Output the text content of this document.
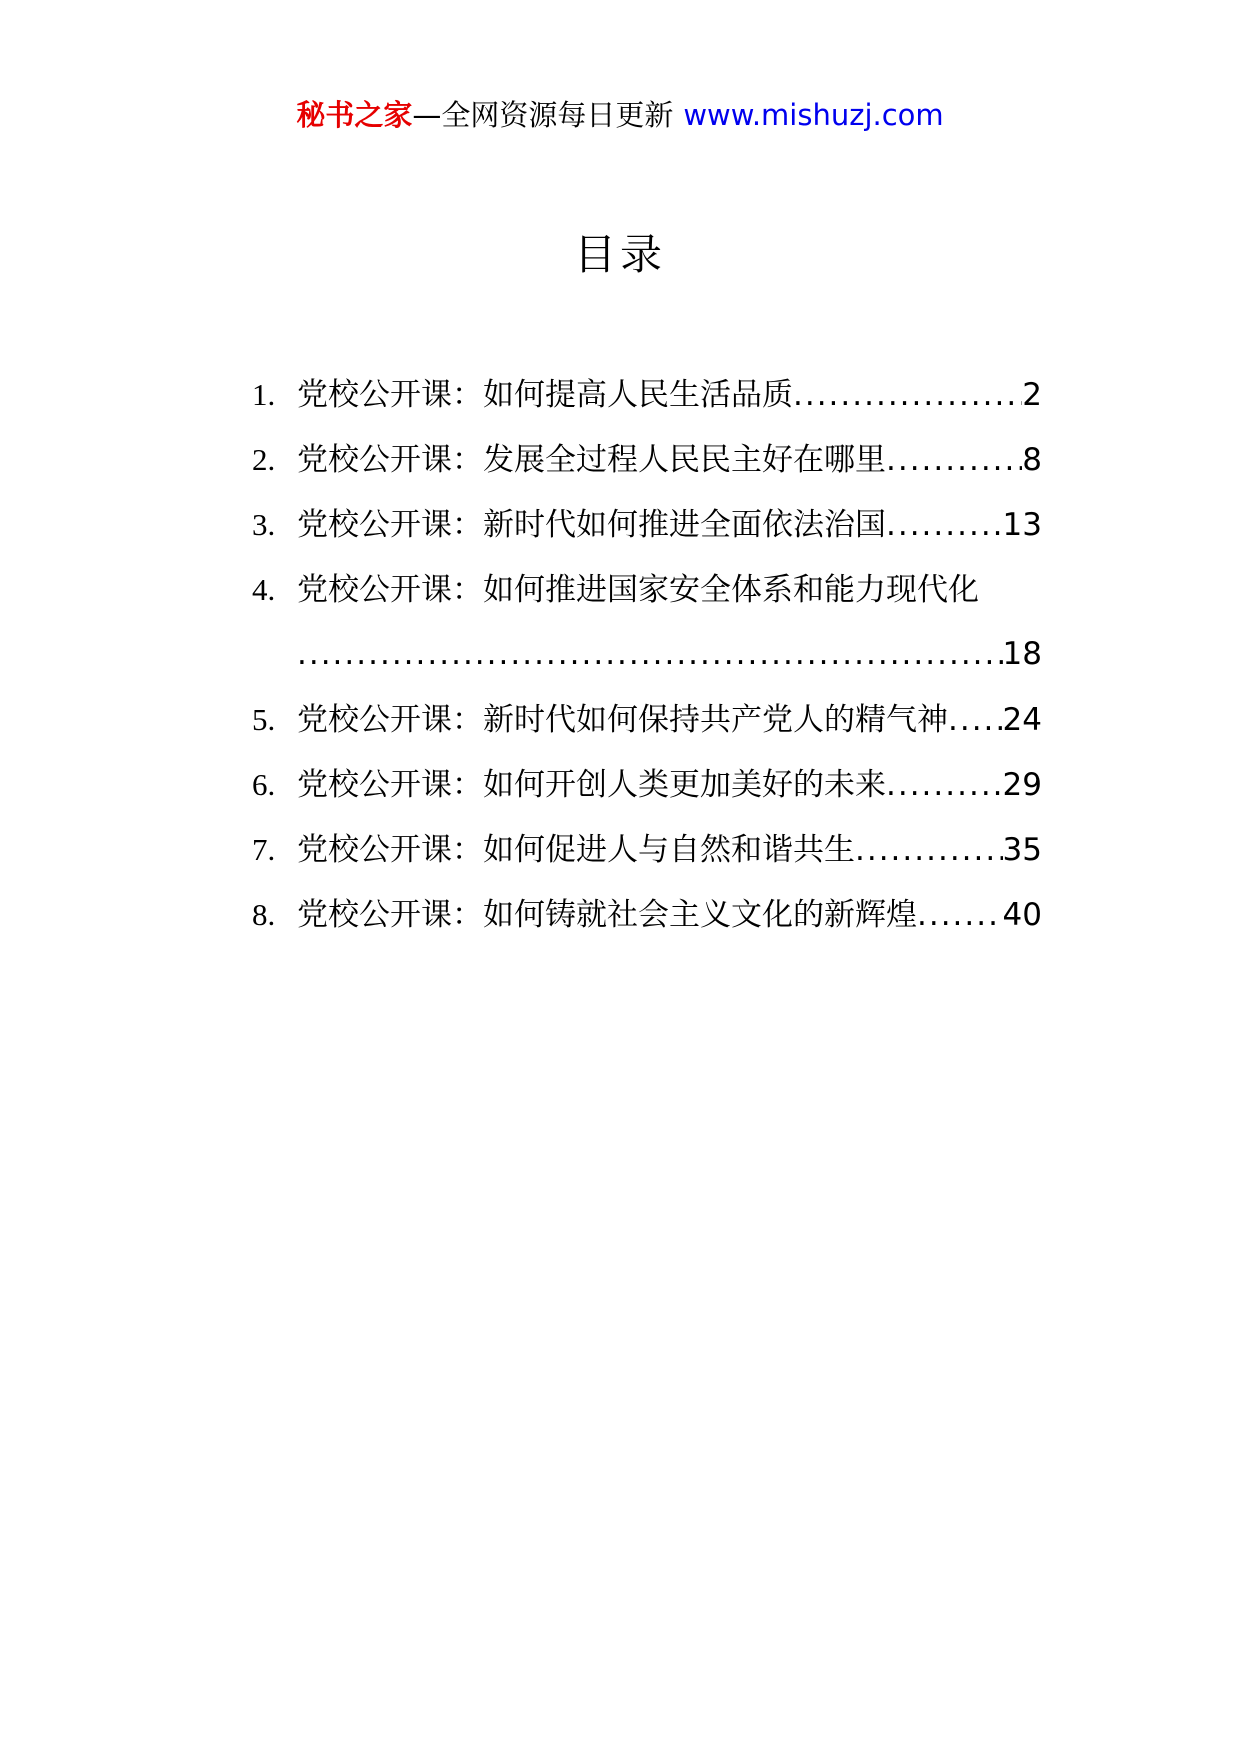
秘书之家—全网资源每日更新 www.mishuzj.com
目录
1. 党校公开课：如何提高人民生活品质 .....	2
2. 党校公开课：发展全过程人民民主好在哪里 .....	8
3. 党校公开课：新时代如何推进全面依法治国 .....	13
4. 党校公开课：如何推进国家安全体系和能力现代化
.....
18
5. 党校公开课：新时代如何保持共产党人的精气神 ..... 24
6. 党校公开课：如何开创人类更加美好的未来 .....	29
7. 党校公开课：如何促进人与自然和谐共生 .....	35
8. 党校公开课：如何铸就社会主义文化的新辉煌 .....	40
